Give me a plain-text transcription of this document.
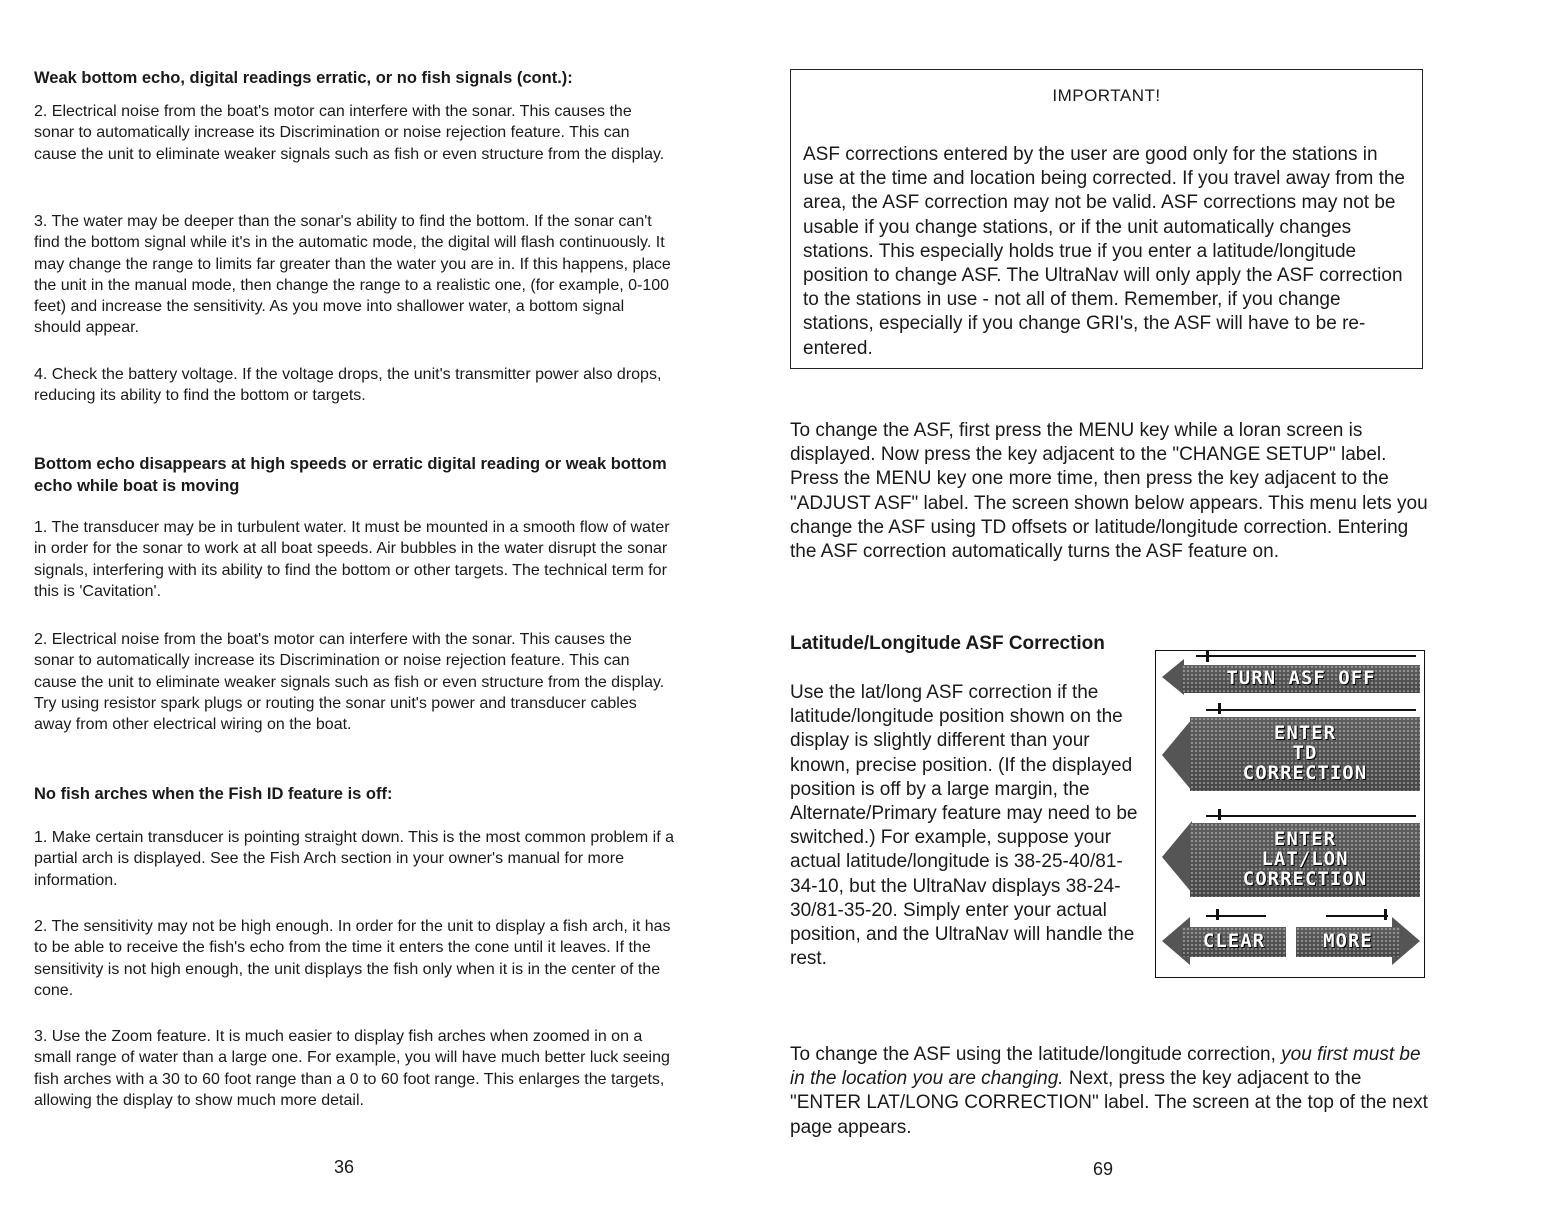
Weak bottom echo, digital readings erratic, or no fish signals (cont.):

2. Electrical noise from the boat's motor can interfere with the sonar. This causes the sonar to automatically increase its Discrimination or noise rejection feature. This can cause the unit to eliminate weaker signals such as fish or even structure from the display.

3. The water may be deeper than the sonar's ability to find the bottom. If the sonar can't find the bottom signal while it's in the automatic mode, the digital will flash continuously. It may change the range to limits far greater than the water you are in. If this happens, place the unit in the manual mode, then change the range to a realistic one, (for example, 0-100 feet) and increase the sensitivity. As you move into shallower water, a bottom signal should appear.

4. Check the battery voltage. If the voltage drops, the unit's transmitter power also drops, reducing its ability to find the bottom or targets.

Bottom echo disappears at high speeds or erratic digital reading or weak bottom echo while boat is moving

1. The transducer may be in turbulent water. It must be mounted in a smooth flow of water in order for the sonar to work at all boat speeds. Air bubbles in the water disrupt the sonar signals, interfering with its ability to find the bottom or other targets. The technical term for this is 'Cavitation'.

2. Electrical noise from the boat's motor can interfere with the sonar. This causes the sonar to automatically increase its Discrimination or noise rejection feature. This can cause the unit to eliminate weaker signals such as fish or even structure from the display. Try using resistor spark plugs or routing the sonar unit's power and transducer cables away from other electrical wiring on the boat.

No fish arches when the Fish ID feature is off:

1. Make certain transducer is pointing straight down. This is the most common problem if a partial arch is displayed. See the Fish Arch section in your owner's manual for more information.

2. The sensitivity may not be high enough. In order for the unit to display a fish arch, it has to be able to receive the fish's echo from the time it enters the cone until it leaves. If the sensitivity is not high enough, the unit displays the fish only when it is in the center of the cone.

3. Use the Zoom feature. It is much easier to display fish arches when zoomed in on a small range of water than a large one. For example, you will have much better luck seeing fish arches with a 30 to 60 foot range than a 0 to 60 foot range. This enlarges the targets, allowing the display to show much more detail.

36
IMPORTANT!

ASF corrections entered by the user are good only for the stations in use at the time and location being corrected. If you travel away from the area, the ASF correction may not be valid. ASF corrections may not be usable if you change stations, or if the unit automatically changes stations. This especially holds true if you enter a latitude/longitude position to change ASF. The UltraNav will only apply the ASF correction to the stations in use - not all of them. Remember, if you change stations, especially if you change GRI's, the ASF will have to be re-entered.

To change the ASF, first press the MENU key while a loran screen is displayed. Now press the key adjacent to the "CHANGE SETUP" label. Press the MENU key one more time, then press the key adjacent to the "ADJUST ASF" label. The screen shown below appears. This menu lets you change the ASF using TD offsets or latitude/longitude correction. Entering the ASF correction automatically turns the ASF feature on.

Latitude/Longitude ASF Correction

Use the lat/long ASF correction if the latitude/longitude position shown on the display is slightly different than your known, precise position. (If the displayed position is off by a large margin, the Alternate/Primary feature may need to be switched.) For example, suppose your actual latitude/longitude is 38-25-40/81-34-10, but the UltraNav displays 38-24-30/81-35-20. Simply enter your actual position, and the UltraNav will handle the rest.

TURN ASF OFF
ENTER
TD
CORRECTION
ENTER
LAT/LON
CORRECTION
CLEAR	MORE

To change the ASF using the latitude/longitude correction, you first must be in the location you are changing. Next, press the key adjacent to the "ENTER LAT/LONG CORRECTION" label. The screen at the top of the next page appears.

69
